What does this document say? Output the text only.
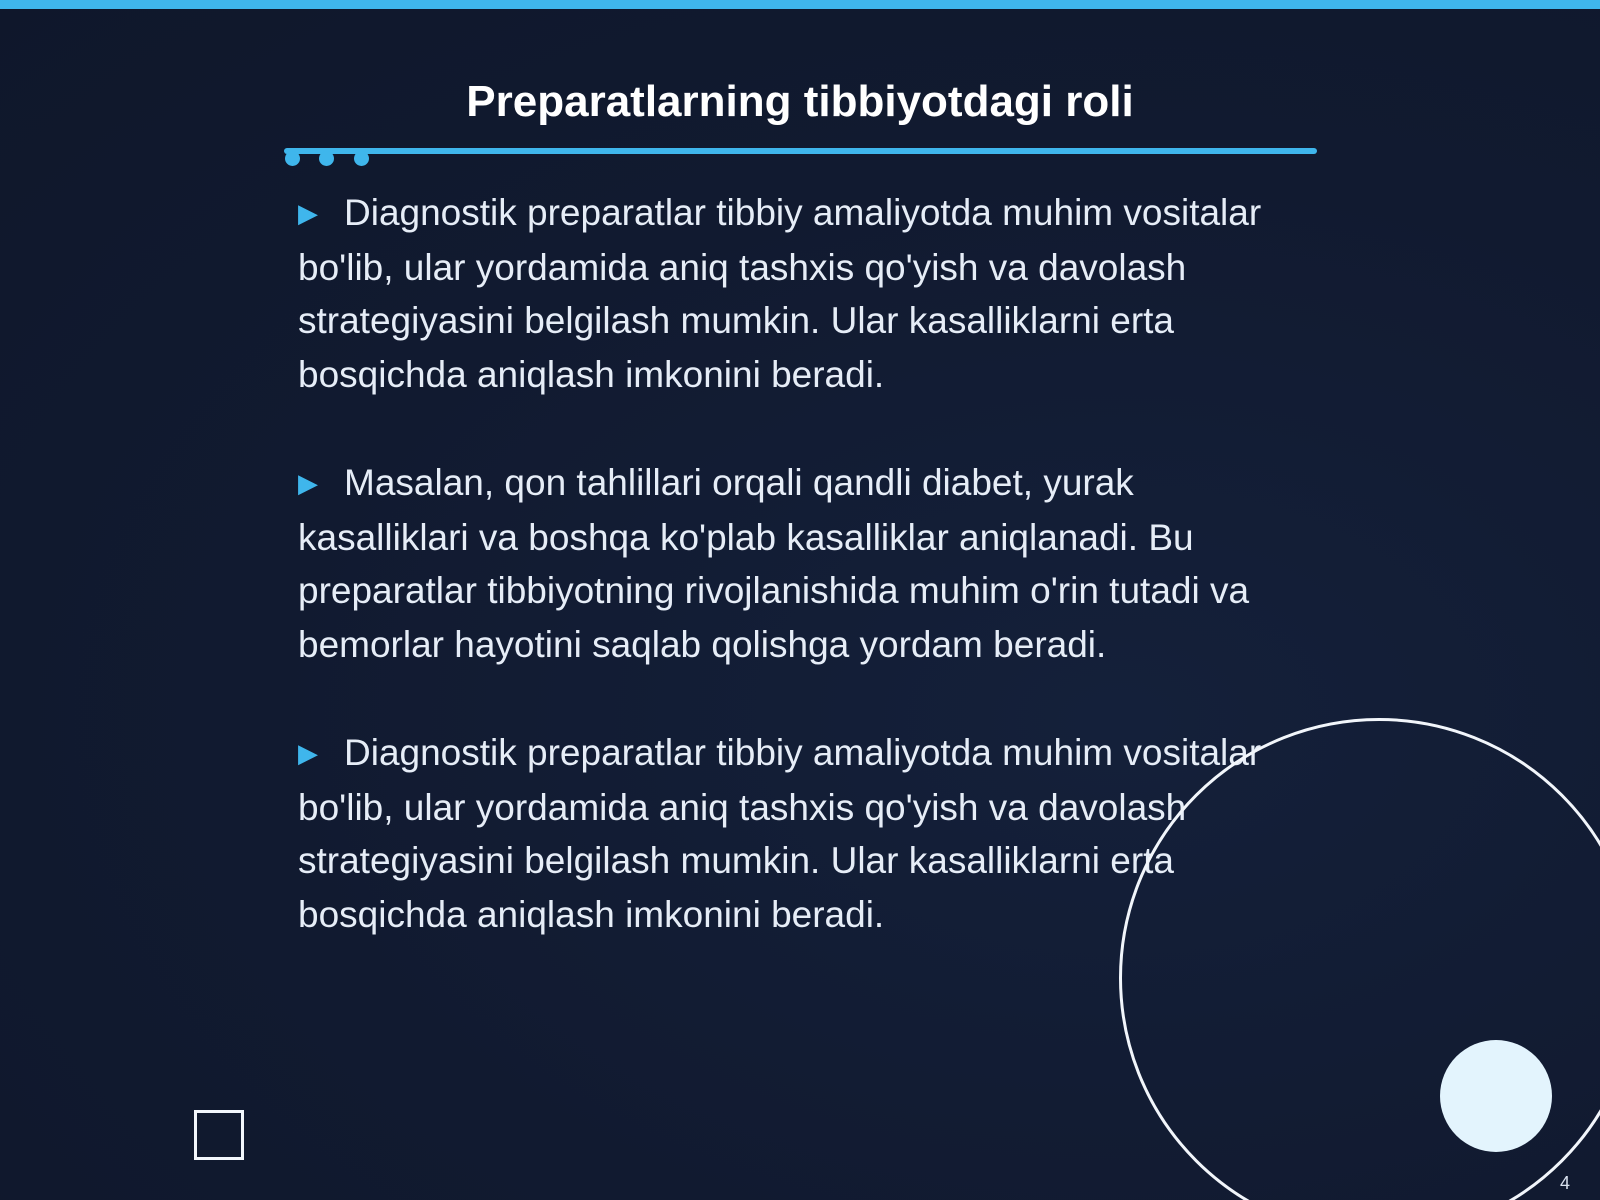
Preparatlarning tibbiyotdagi roli
▶ Diagnostik preparatlar tibbiy amaliyotda muhim vositalar bo'lib, ular yordamida aniq tashxis qo'yish va davolash strategiyasini belgilash mumkin. Ular kasalliklarni erta bosqichda aniqlash imkonini beradi.
▶ Masalan, qon tahlillari orqali qandli diabet, yurak kasalliklari va boshqa ko'plab kasalliklar aniqlanadi. Bu preparatlar tibbiyotning rivojlanishida muhim o'rin tutadi va bemorlar hayotini saqlab qolishga yordam beradi.
▶ Diagnostik preparatlar tibbiy amaliyotda muhim vositalar bo'lib, ular yordamida aniq tashxis qo'yish va davolash strategiyasini belgilash mumkin. Ular kasalliklarni erta bosqichda aniqlash imkonini beradi.
4
